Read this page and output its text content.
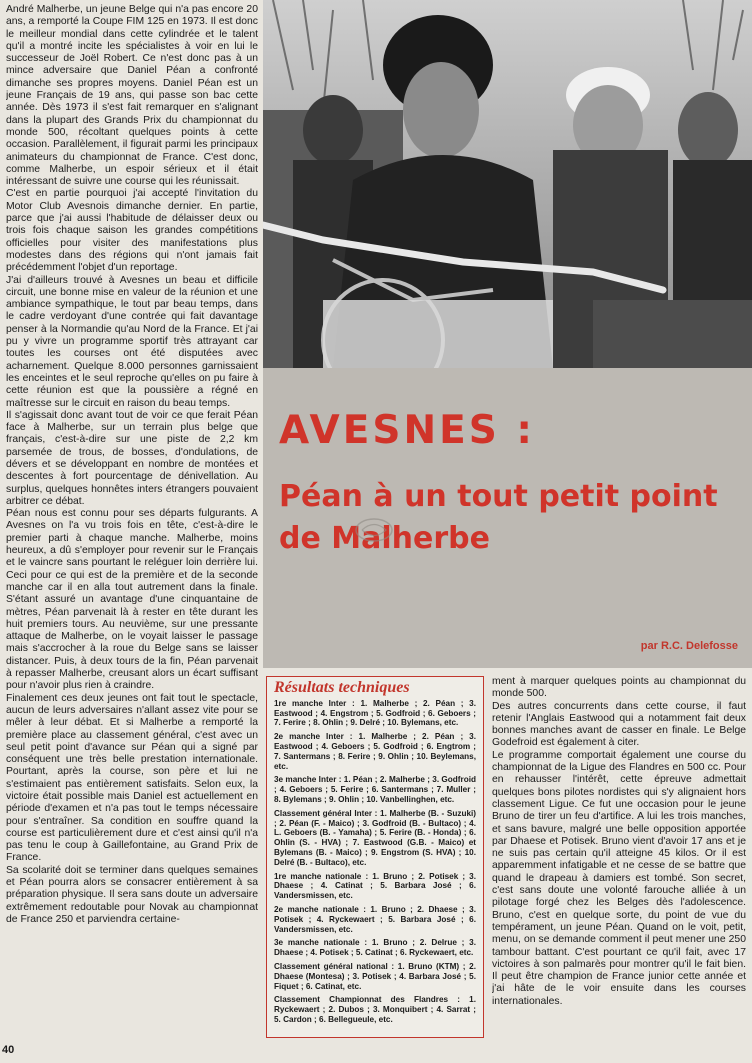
André Malherbe, un jeune Belge qui n'a pas encore 20 ans, a remporté la Coupe FIM 125 en 1973. Il est donc le meilleur mondial dans cette cylindrée et le talent qu'il a montré incite les spécialistes à voir en lui le successeur de Joël Robert. Ce n'est donc pas à un mince adversaire que Daniel Péan a confronté dimanche ses propres moyens. Daniel Péan est un jeune Français de 19 ans, qui passe son bac cette année. Dès 1973 il s'est fait remarquer en s'alignant dans la plupart des Grands Prix du championnat du monde 500, récoltant quelques points à cette occasion. Parallèlement, il figurait parmi les principaux animateurs du championnat de France. C'est donc, comme Malherbe, un espoir sérieux et il était intéressant de suivre une course qui les réunissait.

C'est en partie pourquoi j'ai accepté l'invitation du Motor Club Avesnois dimanche dernier. En partie, parce que j'ai aussi l'habitude de délaisser deux ou trois fois chaque saison les grandes compétitions officielles pour visiter des manifestations plus modestes dans des régions qui n'ont jamais fait précédemment l'objet d'un reportage.

J'ai d'ailleurs trouvé à Avesnes un beau et difficile circuit, une bonne mise en valeur de la réunion et une ambiance sympathique, le tout par beau temps, dans le cadre verdoyant d'une contrée qui fait davantage penser à la Normandie qu'au Nord de la France. Et j'ai pu y vivre un programme sportif très attrayant car toutes les courses ont été disputées avec acharnement. Quelque 8.000 personnes garnissaient les enceintes et le seul reproche qu'elles on pu faire à cette réunion est que la poussière a régné en maîtresse sur le circuit en raison du beau temps.

Il s'agissait donc avant tout de voir ce que ferait Péan face à Malherbe, sur un terrain plus belge que français, c'est-à-dire sur une piste de 2,2 km parsemée de trous, de bosses, d'ondulations, de dévers et se développant en nombre de montées et descentes à fort pourcentage de dénivellation. Au surplus, quelques honnêtes inters étrangers pouvaient arbitrer ce débat.

Péan nous est connu pour ses départs fulgurants. A Avesnes on l'a vu trois fois en tête, c'est-à-dire le premier parti à chaque manche. Malherbe, moins heureux, a dû s'employer pour revenir sur le Français et le vaincre sans pourtant le reléguer loin derrière lui. Ceci pour ce qui est de la première et de la seconde manche car il en alla tout autrement dans la finale. S'étant assuré un avantage d'une cinquantaine de mètres, Péan parvenait là à rester en tête durant les huit premiers tours. Au neuvième, sur une pressante attaque de Malherbe, on le voyait laisser le passage mais s'accrocher à la roue du Belge sans se laisser distancer. Puis, à deux tours de la fin, Péan parvenait à repasser Malherbe, creusant alors un écart suffisant pour n'avoir plus rien à craindre.

Finalement ces deux jeunes ont fait tout le spectacle, aucun de leurs adversaires n'allant assez vite pour se mêler à leur débat. Et si Malherbe a remporté la première place au classement général, c'est avec un seul petit point d'avance sur Péan qui a signé par conséquent une très belle prestation internationale. Pourtant, après la course, son père et lui ne s'estimaient pas entièrement satisfaits. Selon eux, la victoire était possible mais Daniel est actuellement en période d'examen et n'a pas tout le temps nécessaire pour s'entraîner. Sa condition en souffre quand la course est particulièrement dure et c'est ainsi qu'il n'a pas tenu le coup à Gaillefontaine, au Grand Prix de France.

Sa scolarité doit se terminer dans quelques semaines et Péan pourra alors se consacrer entièrement à sa préparation physique. Il sera sans doute un adversaire extrêmement redoutable pour Novak au championnat de France 250 et parviendra certaine-

AVESNES :
Péan à un tout petit point de Malherbe

par R.C. Delefosse

Résultats techniques

1re manche Inter : 1. Malherbe ; 2. Péan ; 3. Eastwood ; 4. Engstrom ; 5. Godfroid ; 6. Geboers ; 7. Ferire ; 8. Ohlin ; 9. Delré ; 10. Bylemans, etc.

2e manche Inter : 1. Malherbe ; 2. Péan ; 3. Eastwood ; 4. Geboers ; 5. Godfroid ; 6. Engtrom ; 7. Santermans ; 8. Ferire ; 9. Ohlin ; 10. Beylemans, etc.

3e manche Inter : 1. Péan ; 2. Malherbe ; 3. Godfroid ; 4. Geboers ; 5. Ferire ; 6. Santermans ; 7. Muller ; 8. Bylemans ; 9. Ohlin ; 10. Vanbellinghen, etc.

Classement général Inter : 1. Malherbe (B. - Suzuki) ; 2. Péan (F. - Maico) ; 3. Godfroid (B. - Bultaco) ; 4. L. Geboers (B. - Yamaha) ; 5. Ferire (B. - Honda) ; 6. Ohlin (S. - HVA) ; 7. Eastwood (G.B. - Maico) et Bylemans (B. - Maico) ; 9. Engstrom (S. HVA) ; 10. Delré (B. - Bultaco), etc.

1re manche nationale : 1. Bruno ; 2. Potisek ; 3. Dhaese ; 4. Catinat ; 5. Barbara José ; 6. Vandersmissen, etc.

2e manche nationale : 1. Bruno ; 2. Dhaese ; 3. Potisek ; 4. Ryckewaert ; 5. Barbara José ; 6. Vandersmissen, etc.

3e manche nationale : 1. Bruno ; 2. Delrue ; 3. Dhaese ; 4. Potisek ; 5. Catinat ; 6. Ryckewaert, etc.

Classement général national : 1. Bruno (KTM) ; 2. Dhaese (Montesa) ; 3. Potisek ; 4. Barbara José ; 5. Fiquet ; 6. Catinat, etc.

Classement Championnat des Flandres : 1. Ryckewaert ; 2. Dubos ; 3. Monquibert ; 4. Sarrat ; 5. Cardon ; 6. Bellegueule, etc.

ment à marquer quelques points au championnat du monde 500.

Des autres concurrents dans cette course, il faut retenir l'Anglais Eastwood qui a notamment fait deux bonnes manches avant de casser en finale. Le Belge Godefroid est également à citer.

Le programme comportait également une course du championnat de la Ligue des Flandres en 500 cc. Pour en rehausser l'intérêt, cette épreuve admettait quelques bons pilotes nordistes qui s'y alignaient hors classement Ligue. Ce fut une occasion pour le jeune Bruno de tirer un feu d'artifice. A lui les trois manches, et sans bavure, malgré une belle opposition apportée par Dhaese et Potisek. Bruno vient d'avoir 17 ans et je ne suis pas certain qu'il atteigne 45 kilos. Or il est apparemment infatigable et ne cesse de se battre que quand le drapeau à damiers est tombé. Son secret, c'est sans doute une volonté farouche alliée à un pilotage forgé chez les Belges dès l'adolescence. Bruno, c'est en quelque sorte, du point de vue du tempérament, un jeune Péan. Quand on le voit, petit, menu, on se demande comment il peut mener une 250 tambour battant. C'est pourtant ce qu'il fait, avec 17 victoires à son palmarès pour montrer qu'il le fait bien. Il peut être champion de France junior cette année et j'ai hâte de le voir ensuite dans les courses internationales.

40
